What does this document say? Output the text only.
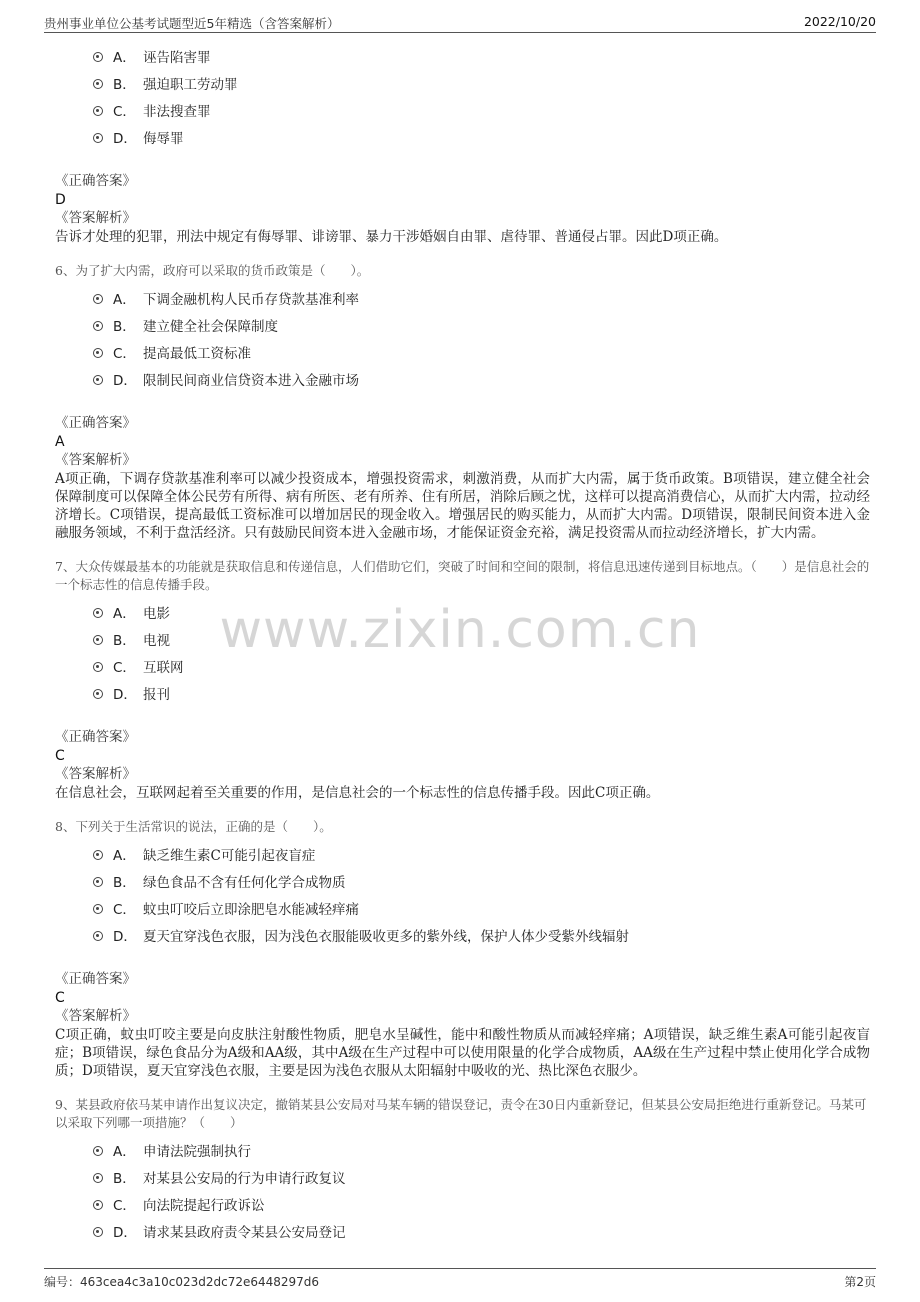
贵州事业单位公基考试题型近5年精选（含答案解析）	2022/10/20
www.zixin.com.cn
A． 诬告陷害罪
B． 强迫职工劳动罪
C． 非法搜查罪
D． 侮辱罪

《正确答案》

D

《答案解析》

告诉才处理的犯罪，刑法中规定有侮辱罪、诽谤罪、暴力干涉婚姻自由罪、虐待罪、普通侵占罪。因此D项正确。

6、为了扩大内需，政府可以采取的货币政策是（　　）。

A． 下调金融机构人民币存贷款基准利率
B． 建立健全社会保障制度
C． 提高最低工资标准
D． 限制民间商业信贷资本进入金融市场

《正确答案》

A

《答案解析》

A项正确，下调存贷款基准利率可以减少投资成本，增强投资需求，刺激消费，从而扩大内需，属于货币政策。B项错误，建立健全社会保障制度可以保障全体公民劳有所得、病有所医、老有所养、住有所居，消除后顾之忧，这样可以提高消费信心，从而扩大内需，拉动经济增长。C项错误，提高最低工资标准可以增加居民的现金收入。增强居民的购买能力，从而扩大内需。D项错误，限制民间资本进入金融服务领域，不利于盘活经济。只有鼓励民间资本进入金融市场，才能保证资金充裕，满足投资需从而拉动经济增长，扩大内需。

7、大众传媒最基本的功能就是获取信息和传递信息，人们借助它们，突破了时间和空间的限制，将信息迅速传递到目标地点。（　　）是信息社会的一个标志性的信息传播手段。

A． 电影
B． 电视
C． 互联网
D． 报刊

《正确答案》

C

《答案解析》

在信息社会，互联网起着至关重要的作用，是信息社会的一个标志性的信息传播手段。因此C项正确。

8、下列关于生活常识的说法，正确的是（　　）。

A． 缺乏维生素C可能引起夜盲症
B． 绿色食品不含有任何化学合成物质
C． 蚊虫叮咬后立即涂肥皂水能减轻痒痛
D． 夏天宜穿浅色衣服，因为浅色衣服能吸收更多的紫外线，保护人体少受紫外线辐射

《正确答案》

C

《答案解析》

C项正确，蚊虫叮咬主要是向皮肤注射酸性物质，肥皂水呈碱性，能中和酸性物质从而减轻痒痛；A项错误，缺乏维生素A可能引起夜盲症；B项错误，绿色食品分为A级和AA级，其中A级在生产过程中可以使用限量的化学合成物质，AA级在生产过程中禁止使用化学合成物质；D项错误，夏天宜穿浅色衣服，主要是因为浅色衣服从太阳辐射中吸收的光、热比深色衣服少。

9、某县政府依马某申请作出复议决定，撤销某县公安局对马某车辆的错误登记，责令在30日内重新登记，但某县公安局拒绝进行重新登记。马某可以采取下列哪一项措施？（　　）

A． 申请法院强制执行
B． 对某县公安局的行为申请行政复议
C． 向法院提起行政诉讼
D． 请求某县政府责令某县公安局登记
编号：463cea4c3a10c023d2dc72e6448297d6	第2页
